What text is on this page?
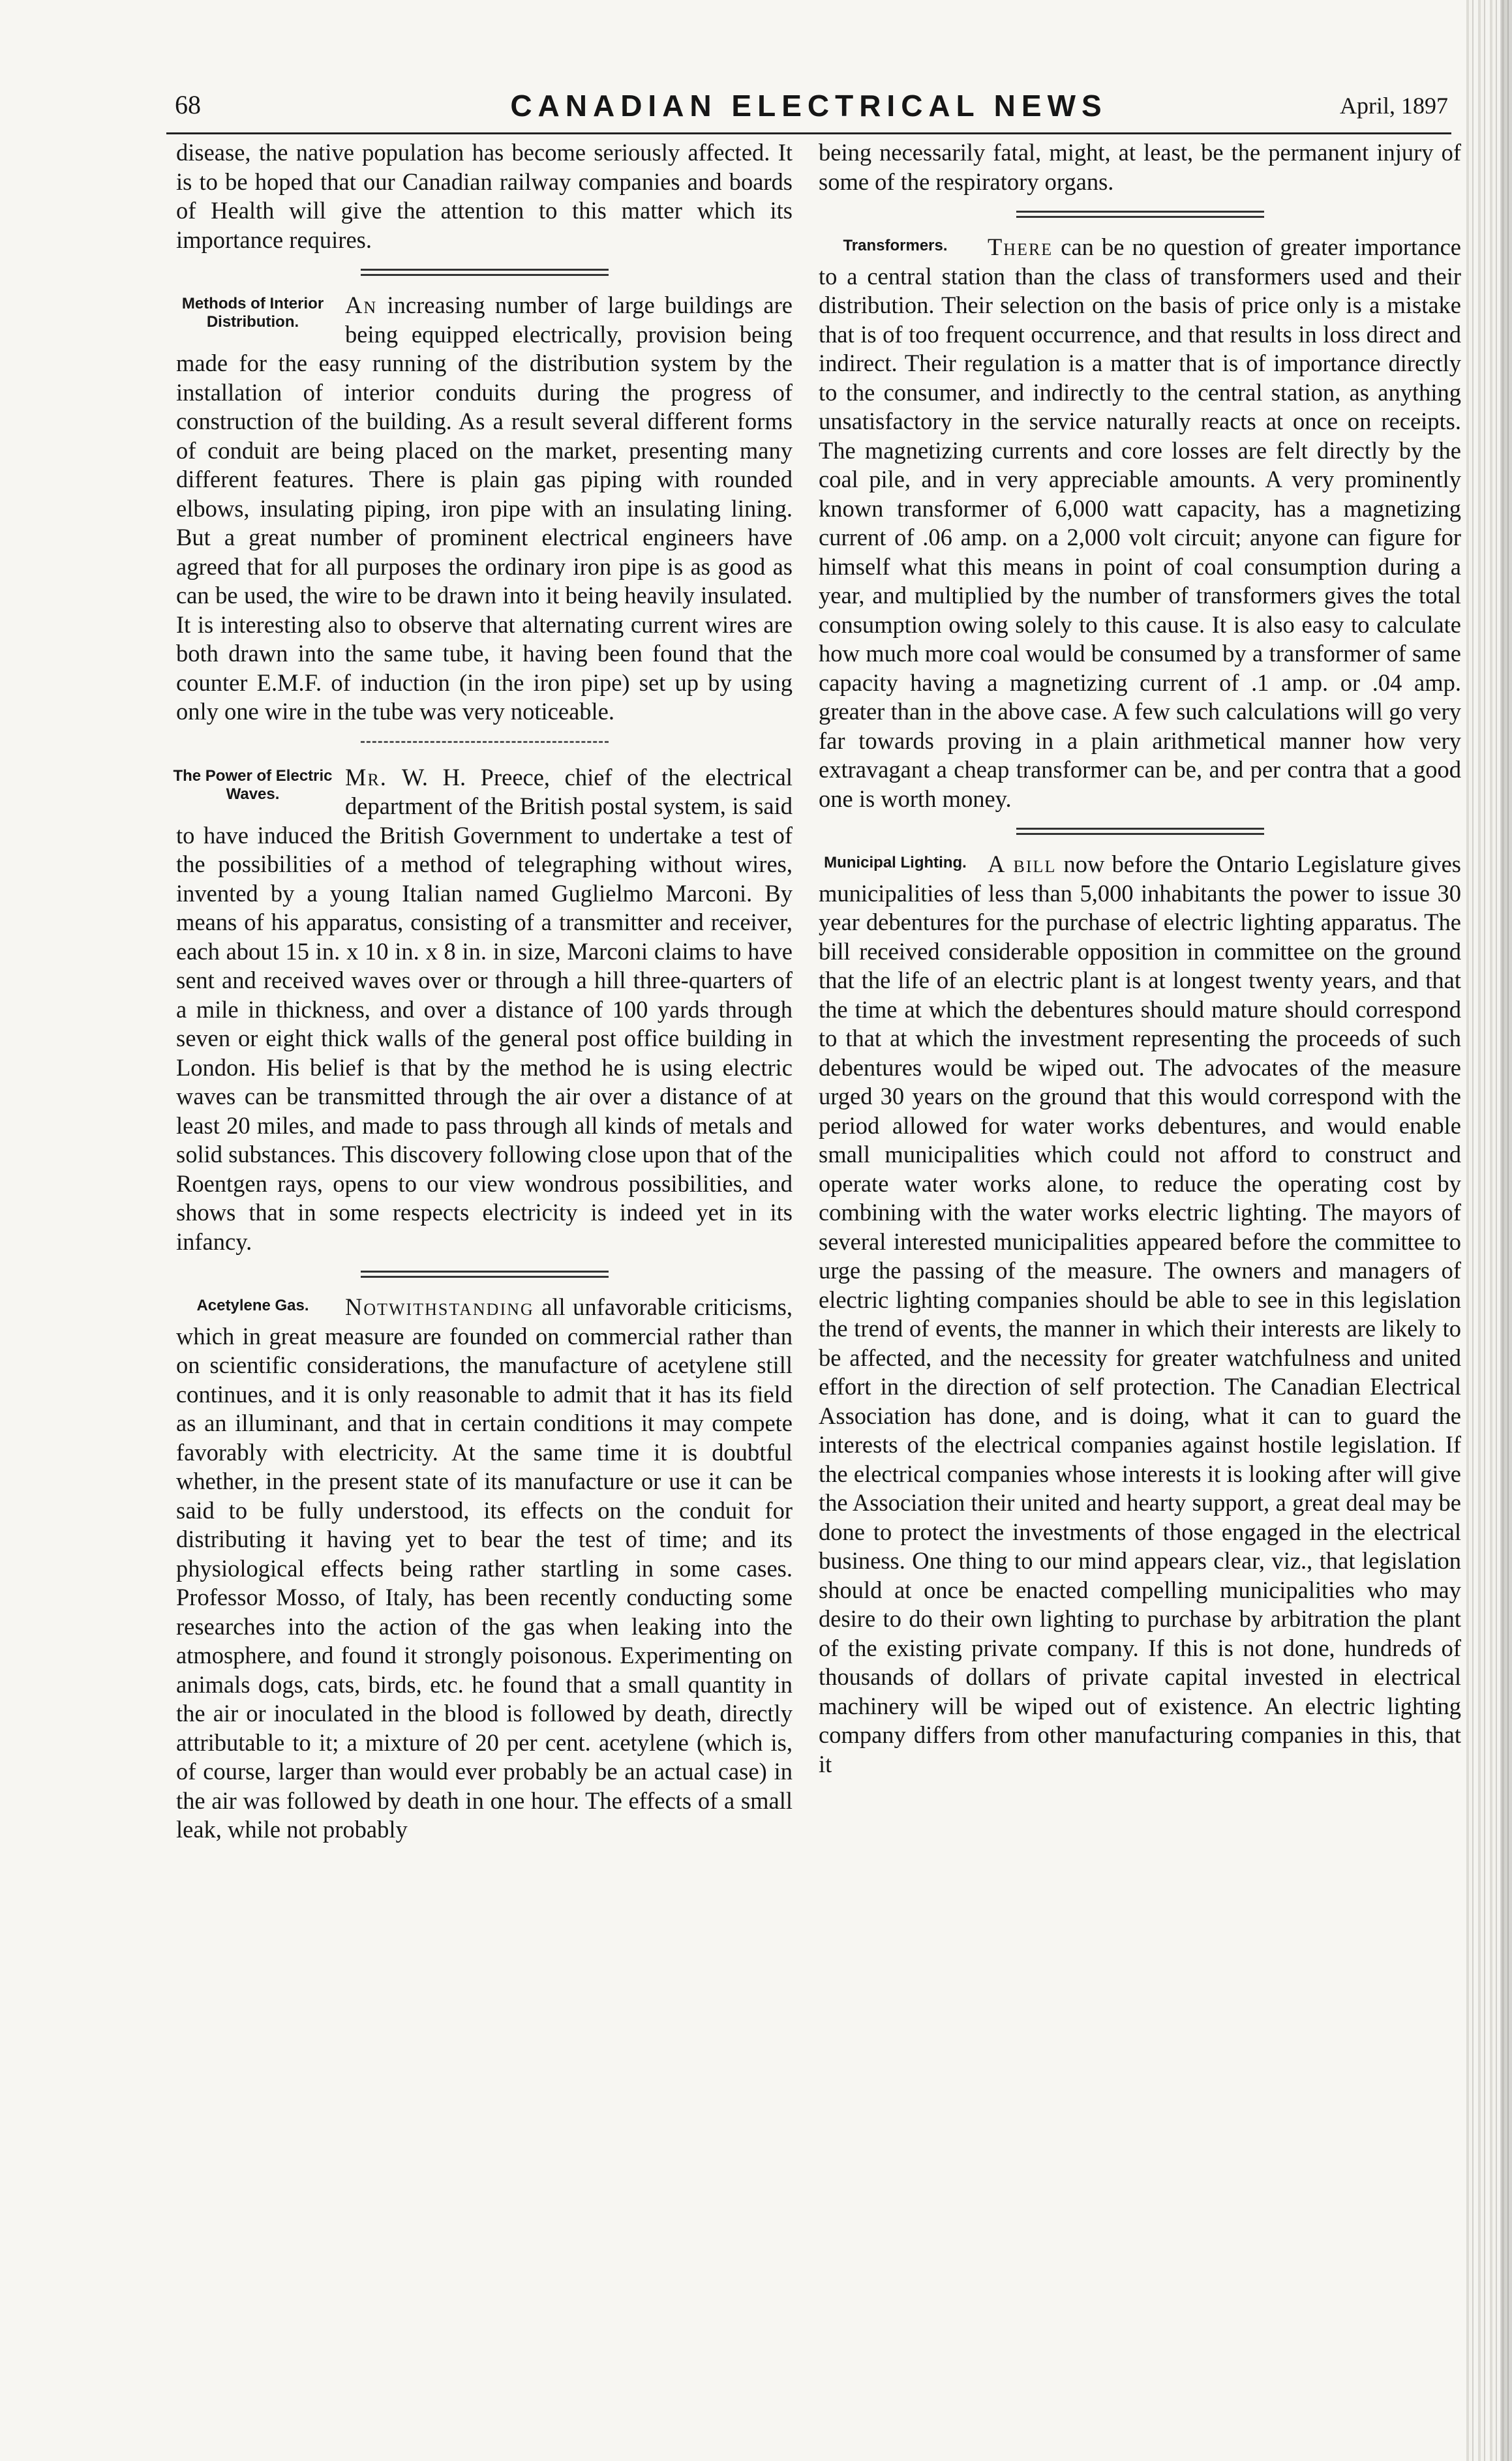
68	CANADIAN ELECTRICAL NEWS	April, 1897

disease, the native population has become seriously affected. It is to be hoped that our Canadian railway companies and boards of Health will give the attention to this matter which its importance requires.

Methods of Interior Distribution.

An increasing number of large buildings are being equipped electrically, provision being made for the easy running of the distribution system by the installation of interior conduits during the progress of construction of the building. As a result several different forms of conduit are being placed on the market, presenting many different features. There is plain gas piping with rounded elbows, insulating piping, iron pipe with an insulating lining. But a great number of prominent electrical engineers have agreed that for all purposes the ordinary iron pipe is as good as can be used, the wire to be drawn into it being heavily insulated. It is interesting also to observe that alternating current wires are both drawn into the same tube, it having been found that the counter E.M.F. of induction (in the iron pipe) set up by using only one wire in the tube was very noticeable.

The Power of Electric Waves.

Mr. W. H. Preece, chief of the electrical department of the British postal system, is said to have induced the British Government to undertake a test of the possibilities of a method of telegraphing without wires, invented by a young Italian named Guglielmo Marconi. By means of his apparatus, consisting of a transmitter and receiver, each about 15 in. x 10 in. x 8 in. in size, Marconi claims to have sent and received waves over or through a hill three-quarters of a mile in thickness, and over a distance of 100 yards through seven or eight thick walls of the general post office building in London. His belief is that by the method he is using electric waves can be transmitted through the air over a distance of at least 20 miles, and made to pass through all kinds of metals and solid substances. This discovery following close upon that of the Roentgen rays, opens to our view wondrous possibilities, and shows that in some respects electricity is indeed yet in its infancy.

Acetylene Gas.	Notwithstanding all unfavorable criticisms, which in great measure are founded on commercial rather than on scientific considerations, the manufacture of acetylene still continues, and it is only reasonable to admit that it has its field as an illuminant, and that in certain conditions it may compete favorably with electricity. At the same time it is doubtful whether, in the present state of its manufacture or use it can be said to be fully understood, its effects on the conduit for distributing it having yet to bear the test of time; and its physiological effects being rather startling in some cases. Professor Mosso, of Italy, has been recently conducting some researches into the action of the gas when leaking into the atmosphere, and found it strongly poisonous. Experimenting on animals dogs, cats, birds, etc. he found that a small quantity in the air or inoculated in the blood is followed by death, directly attributable to it; a mixture of 20 per cent. acetylene (which is, of course, larger than would ever probably be an actual case) in the air was followed by death in one hour. The effects of a small leak, while not probably

being necessarily fatal, might, at least, be the permanent injury of some of the respiratory organs.

Transformers.	There can be no question of greater importance to a central station than the class of transformers used and their distribution. Their selection on the basis of price only is a mistake that is of too frequent occurrence, and that results in loss direct and indirect. Their regulation is a matter that is of importance directly to the consumer, and indirectly to the central station, as anything unsatisfactory in the service naturally reacts at once on receipts. The magnetizing currents and core losses are felt directly by the coal pile, and in very appreciable amounts. A very prominently known transformer of 6,000 watt capacity, has a magnetizing current of .06 amp. on a 2,000 volt circuit; anyone can figure for himself what this means in point of coal consumption during a year, and multiplied by the number of transformers gives the total consumption owing solely to this cause. It is also easy to calculate how much more coal would be consumed by a transformer of same capacity having a magnetizing current of .1 amp. or .04 amp. greater than in the above case. A few such calculations will go very far towards proving in a plain arithmetical manner how very extravagant a cheap transformer can be, and per contra that a good one is worth money.

Municipal Lighting. A bill now before the Ontario Legislature gives municipalities of less than 5,000 inhabitants the power to issue 30 year debentures for the purchase of electric lighting apparatus. The bill received considerable opposition in committee on the ground that the life of an electric plant is at longest twenty years, and that the time at which the debentures should mature should correspond to that at which the investment representing the proceeds of such debentures would be wiped out. The advocates of the measure urged 30 years on the ground that this would correspond with the period allowed for water works debentures, and would enable small municipalities which could not afford to construct and operate water works alone, to reduce the operating cost by combining with the water works electric lighting. The mayors of several interested municipalities appeared before the committee to urge the passing of the measure. The owners and managers of electric lighting companies should be able to see in this legislation the trend of events, the manner in which their interests are likely to be affected, and the necessity for greater watchfulness and united effort in the direction of self protection. The Canadian Electrical Association has done, and is doing, what it can to guard the interests of the electrical companies against hostile legislation. If the electrical companies whose interests it is looking after will give the Association their united and hearty support, a great deal may be done to protect the investments of those engaged in the electrical business. One thing to our mind appears clear, viz., that legislation should at once be enacted compelling municipalities who may desire to do their own lighting to purchase by arbitration the plant of the existing private company. If this is not done, hundreds of thousands of dollars of private capital invested in electrical machinery will be wiped out of existence. An electric lighting company differs from other manufacturing companies in this, that it
